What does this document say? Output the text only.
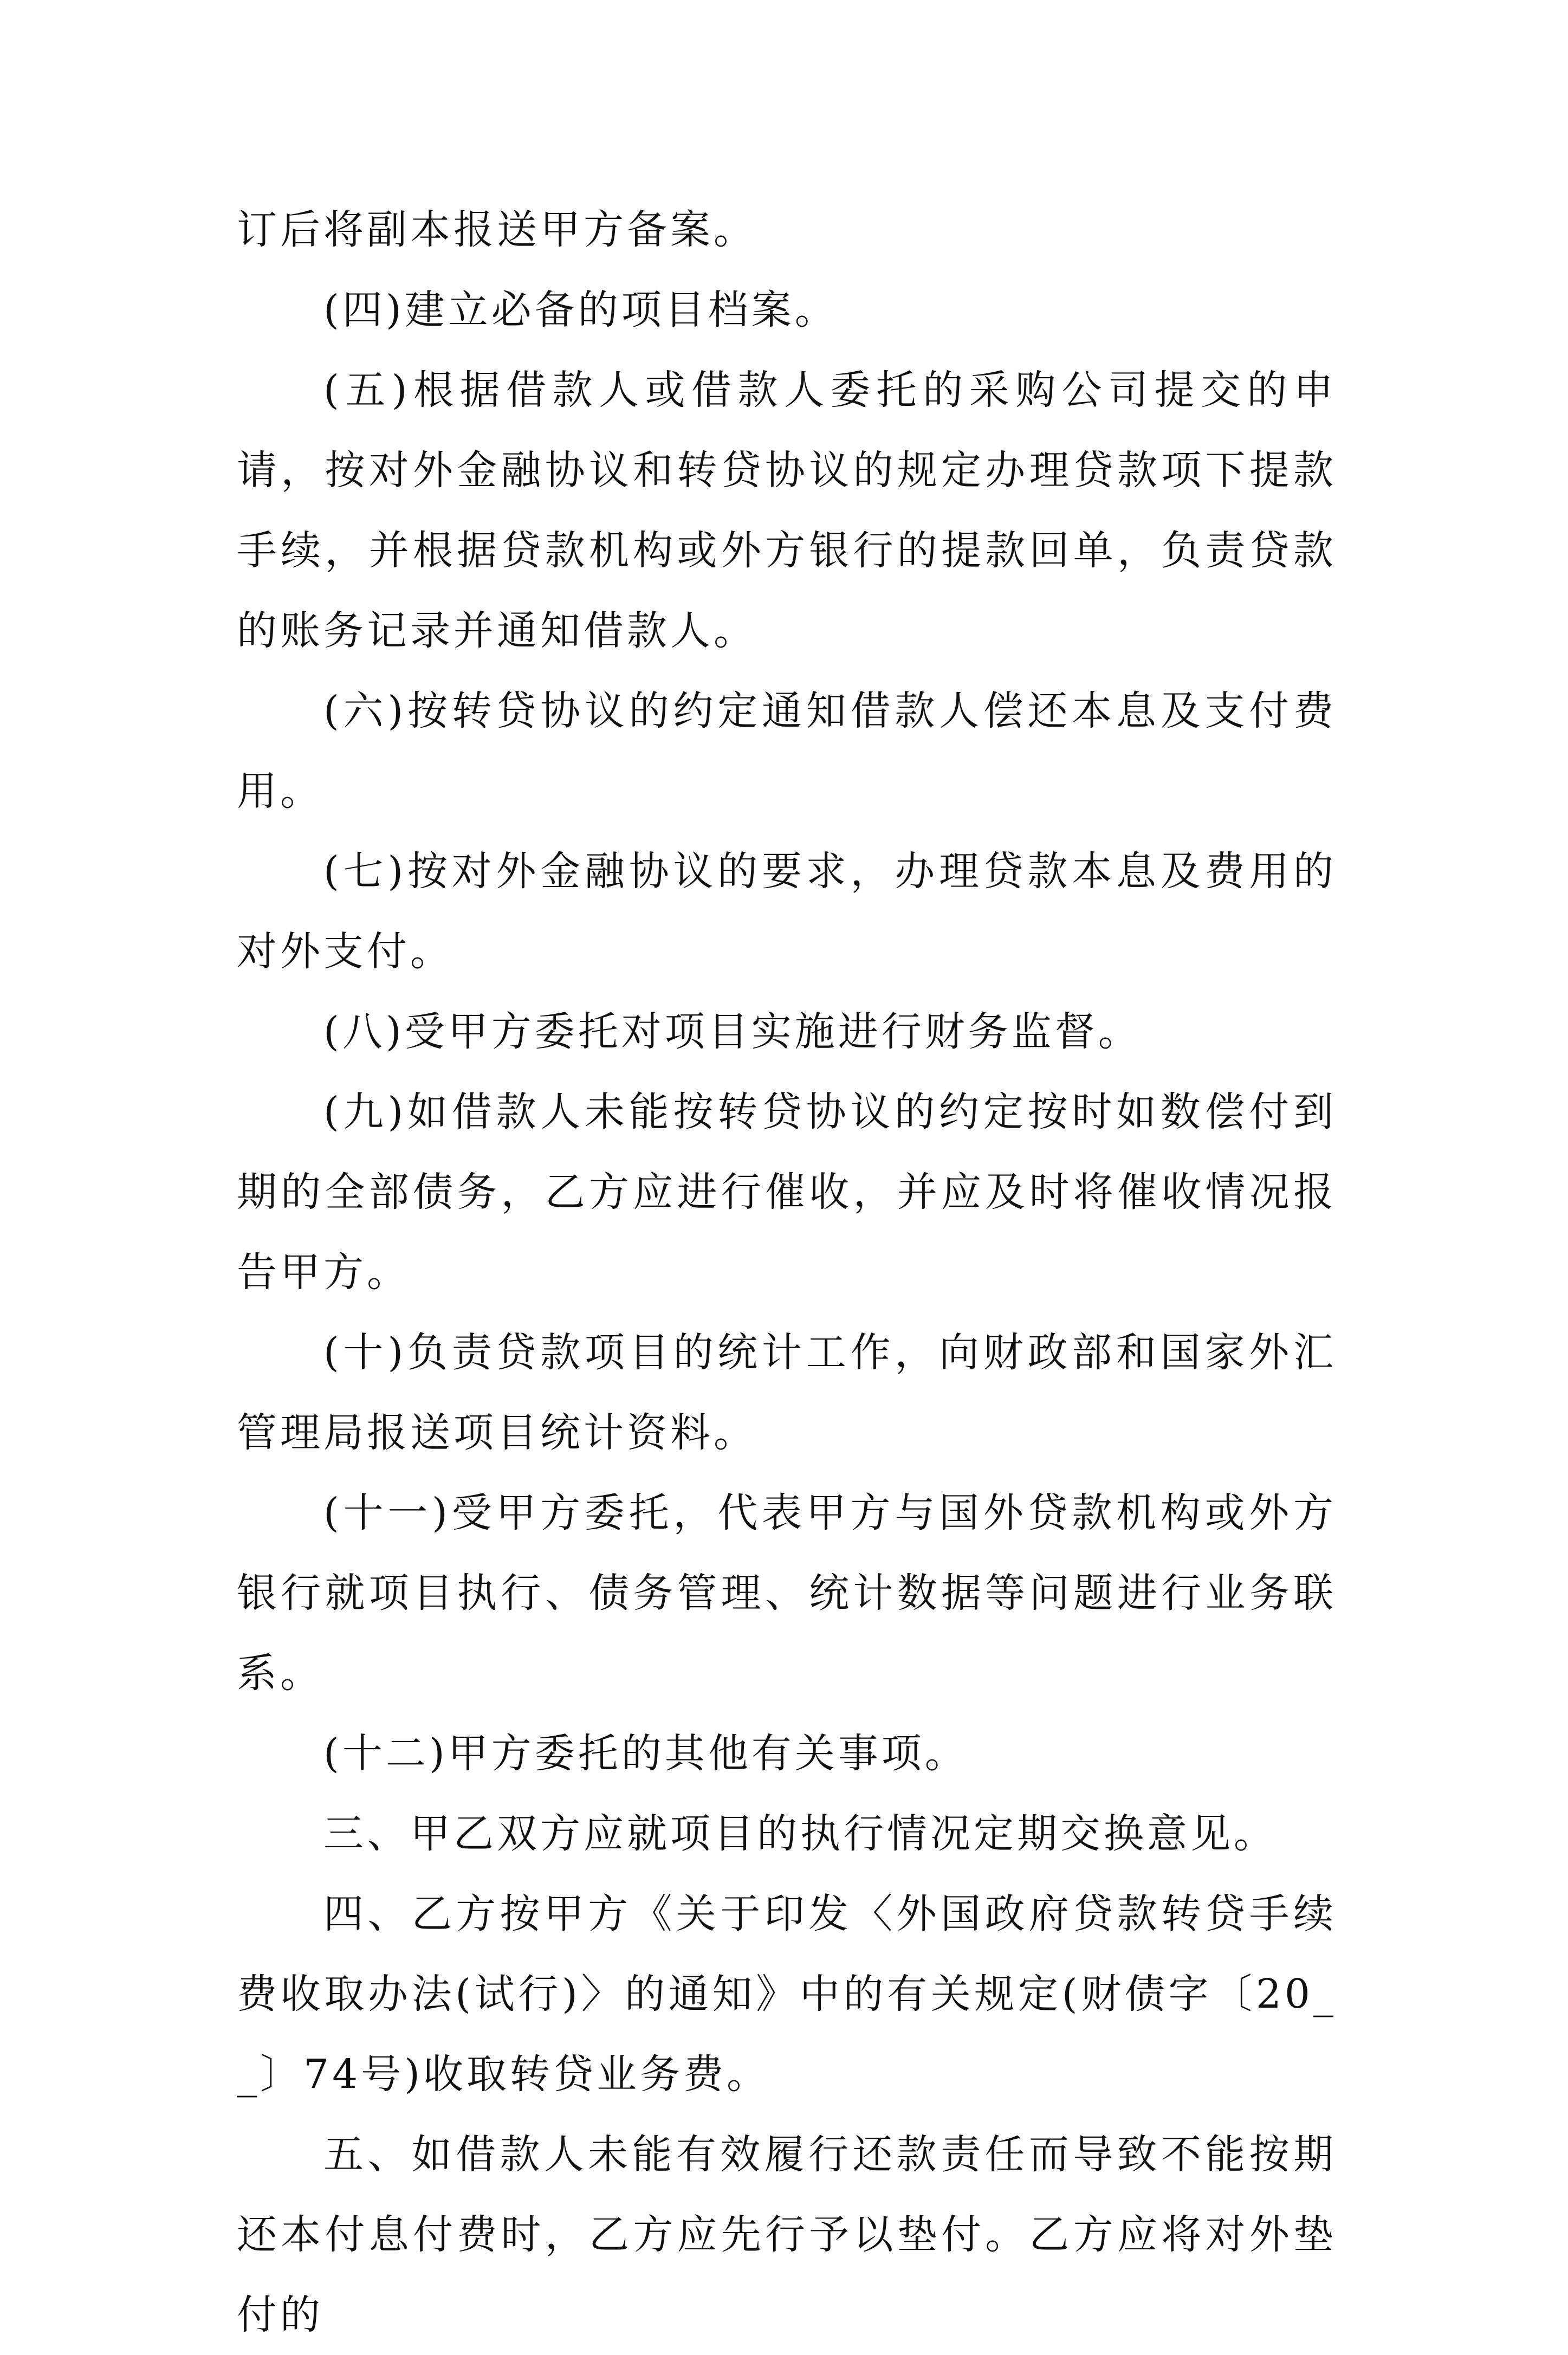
订后将副本报送甲方备案。

(四)建立必备的项目档案。

(五)根据借款人或借款人委托的采购公司提交的申请，按对外金融协议和转贷协议的规定办理贷款项下提款手续，并根据贷款机构或外方银行的提款回单，负责贷款的账务记录并通知借款人。

(六)按转贷协议的约定通知借款人偿还本息及支付费用。

(七)按对外金融协议的要求，办理贷款本息及费用的对外支付。

(八)受甲方委托对项目实施进行财务监督。

(九)如借款人未能按转贷协议的约定按时如数偿付到期的全部债务，乙方应进行催收，并应及时将催收情况报告甲方。

(十)负责贷款项目的统计工作，向财政部和国家外汇管理局报送项目统计资料。

(十一)受甲方委托，代表甲方与国外贷款机构或外方银行就项目执行、债务管理、统计数据等问题进行业务联系。

(十二)甲方委托的其他有关事项。

三、甲乙双方应就项目的执行情况定期交换意见。

四、乙方按甲方《关于印发〈外国政府贷款转贷手续费收取办法(试行)〉的通知》中的有关规定(财债字〔20__〕74号)收取转贷业务费。

五、如借款人未能有效履行还款责任而导致不能按期还本付息付费时，乙方应先行予以垫付。乙方应将对外垫付的
